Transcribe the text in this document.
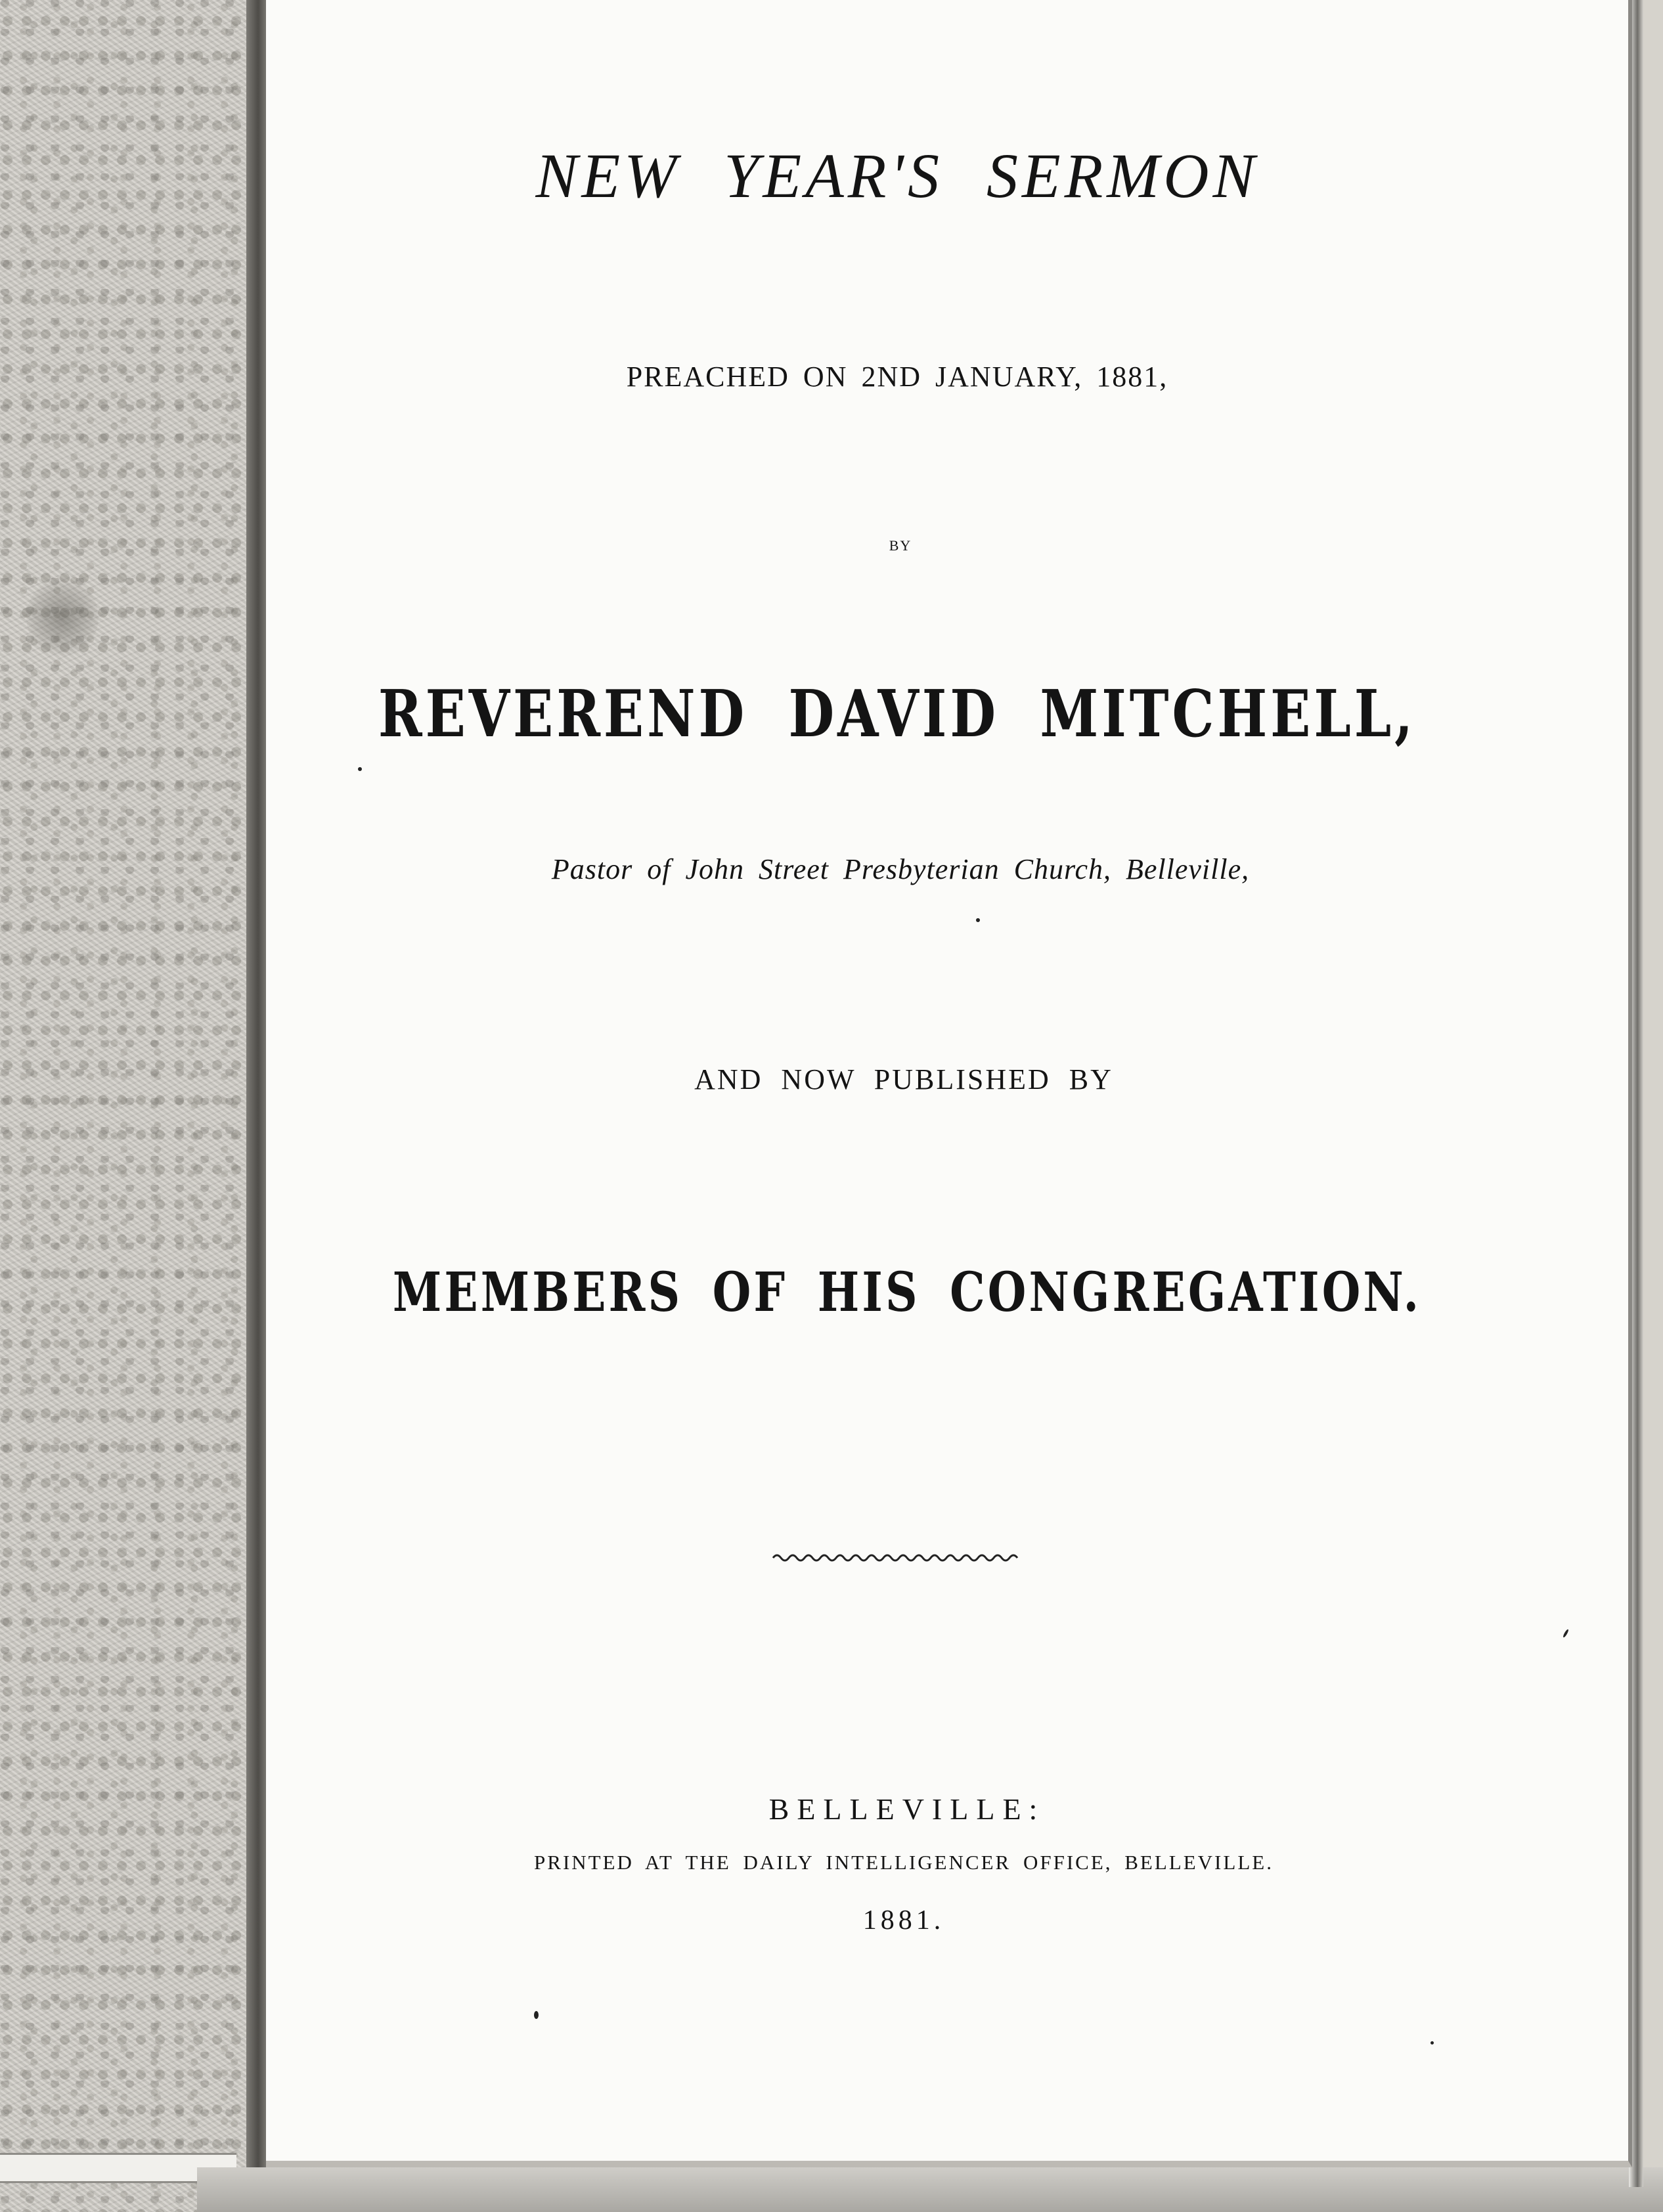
NEW YEAR'S SERMON
PREACHED ON 2ND JANUARY, 1881,
BY
REVEREND DAVID MITCHELL,
Pastor of John Street Presbyterian Church, Belleville,
AND NOW PUBLISHED BY
MEMBERS OF HIS CONGREGATION.
BELLEVILLE:
PRINTED AT THE DAILY INTELLIGENCER OFFICE, BELLEVILLE.
1881.
